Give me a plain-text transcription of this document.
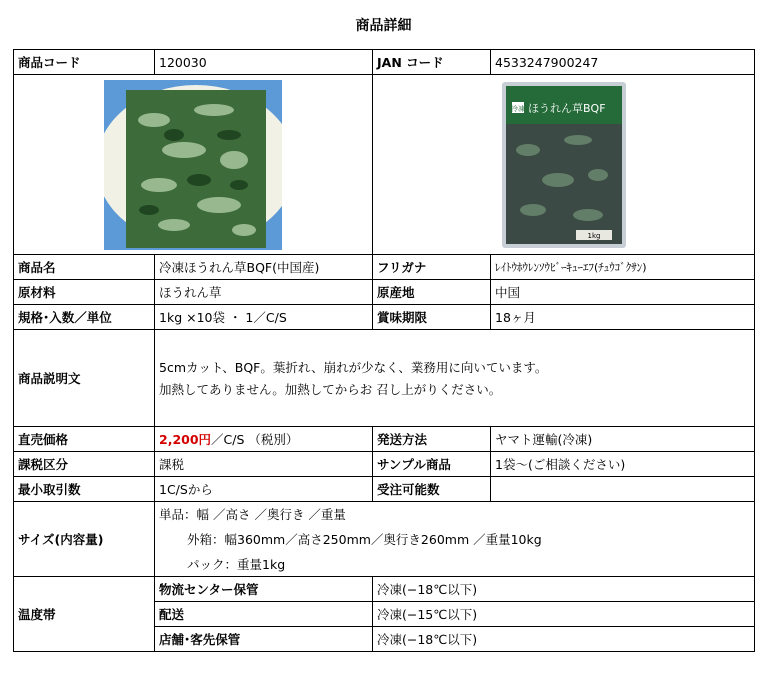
商品詳細
商品コード	120030	JAN コード	4533247900247

冷凍 ほうれん草BQF
1kg	

商品名	冷凍ほうれん草BQF(中国産)	フリガナ	ﾚｲﾄｳﾎｳﾚﾝｿｳﾋﾞｰｷｭｰｴﾌ(ﾁｭｳｺﾞｸｻﾝ)
原材料	ほうれん草	原産地	中国
規格･入数／単位	1kg ×10袋 ・ 1／C/S	賞味期限	18ヶ月
商品説明文	5cmカット、BQF。葉折れ、崩れが少なく、業務用に向いています。
加熱してありません。加熱してからお 召し上がりください。		

直売価格	2,200円／C/S （税別）	発送方法	ヤマト運輸(冷凍)
課税区分	課税	サンプル商品	1袋～(ご相談ください)
最小取引数	1C/Sから	受注可能数	
サイズ(内容量)	単品：幅 ／高さ ／奥行き ／重量		
	外箱：幅360mm／高さ250mm／奥行き260mm ／重量10kg		
	パック：重量1kg		
温度帯	物流センター保管	冷凍(−18℃以下)	
	配送	冷凍(−15℃以下)	
	店舗･客先保管	冷凍(−18℃以下)	
